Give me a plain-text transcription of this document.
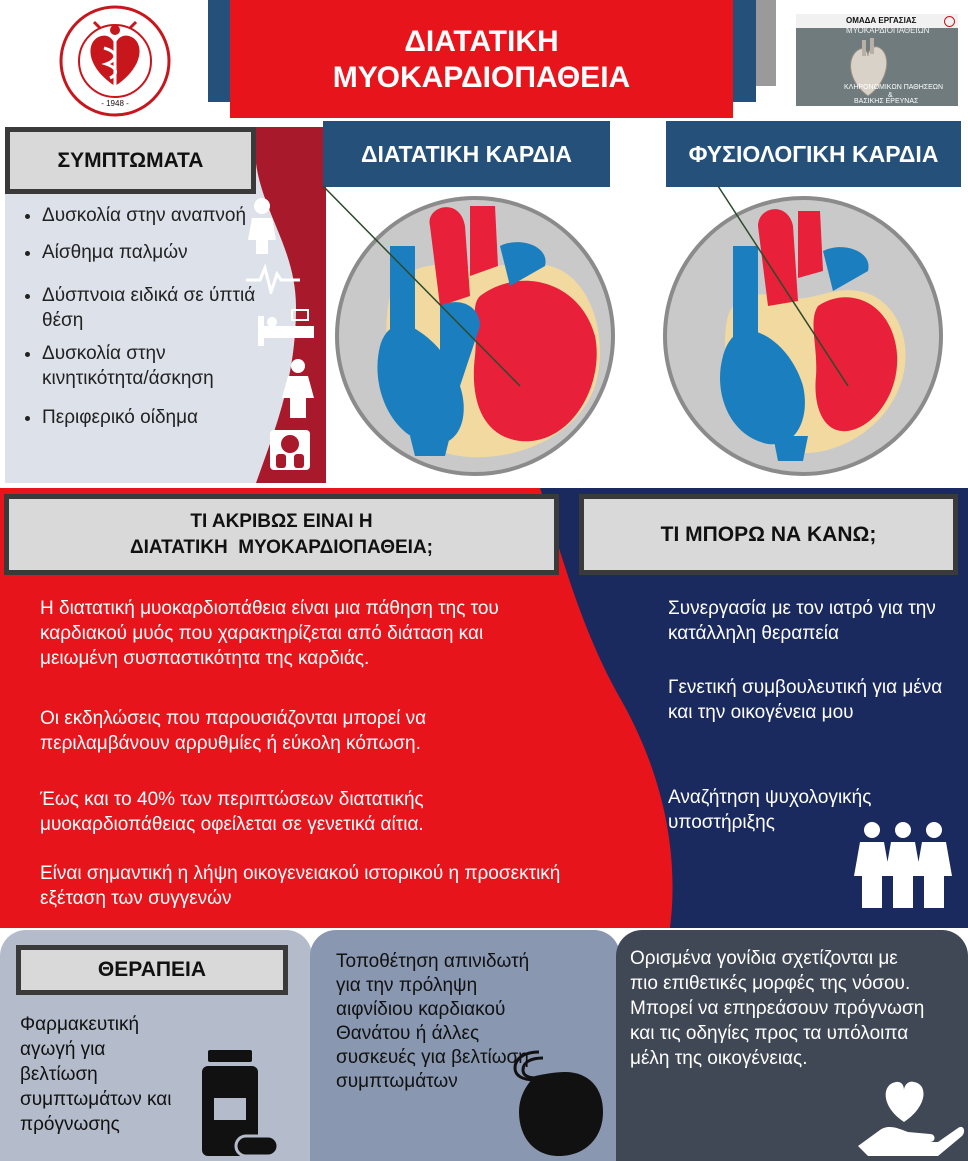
- 1948 -
ΔΙΑΤΑΤΙΚΗ
ΜΥΟΚΑΡΔΙΟΠΑΘΕΙΑ
ΟΜΑΔΑ ΕΡΓΑΣΙΑΣ
ΜΥΟΚΑΡΔΙΟΠΑΘΕΙΩΝ
ΚΛΗΡΟΝΟΜΙΚΩΝ ΠΑΘΗΣΕΩΝ
&
ΒΑΣΙΚΗΣ ΕΡΕΥΝΑΣ
ΣΥΜΠΤΩΜΑΤΑ
• Δυσκολία στην αναπνοή
• Αίσθημα παλμών
• Δύσπνοια ειδικά σε ύπτιά θέση
• Δυσκολία στην κινητικότητα/άσκηση
• Περιφερικό οίδημα
ΔΙΑΤΑΤΙΚΗ ΚΑΡΔΙΑ	ΦΥΣΙΟΛΟΓΙΚΗ ΚΑΡΔΙΑ
ΤΙ ΑΚΡΙΒΩΣ ΕΙΝΑΙ Η
ΔΙΑΤΑΤΙΚΗ  ΜΥΟΚΑΡΔΙΟΠΑΘΕΙΑ;
ΤΙ ΜΠΟΡΩ ΝΑ ΚΑΝΩ;
Η διατατική μυοκαρδιοπάθεια είναι μια πάθηση της του καρδιακού μυός που χαρακτηρίζεται από διάταση και μειωμένη συσπαστικότητα της καρδιάς.
Οι εκδηλώσεις που παρουσιάζονται μπορεί να περιλαμβάνουν αρρυθμίες ή εύκολη κόπωση.
Έως και το 40% των περιπτώσεων διατατικής μυοκαρδιοπάθειας οφείλεται σε γενετικά αίτια.
Είναι σημαντική η λήψη οικογενειακού ιστορικού η προσεκτική εξέταση των συγγενών
Συνεργασία με τον ιατρό για την κατάλληλη θεραπεία
Γενετική συμβουλευτική για μένα και την οικογένεια μου
Αναζήτηση ψυχολογικής υποστήριξης
ΘΕΡΑΠΕΙΑ
Φαρμακευτική αγωγή για βελτίωση συμπτωμάτων και πρόγνωσης
Τοποθέτηση απινιδωτή για την πρόληψη αιφνίδιου καρδιακού Θανάτου ή άλλες συσκευές για βελτίωση συμπτωμάτων
Ορισμένα γονίδια σχετίζονται με πιο επιθετικές μορφές της νόσου. Μπορεί να επηρεάσουν πρόγνωση και τις οδηγίες προς τα υπόλοιπα μέλη της οικογένειας.
